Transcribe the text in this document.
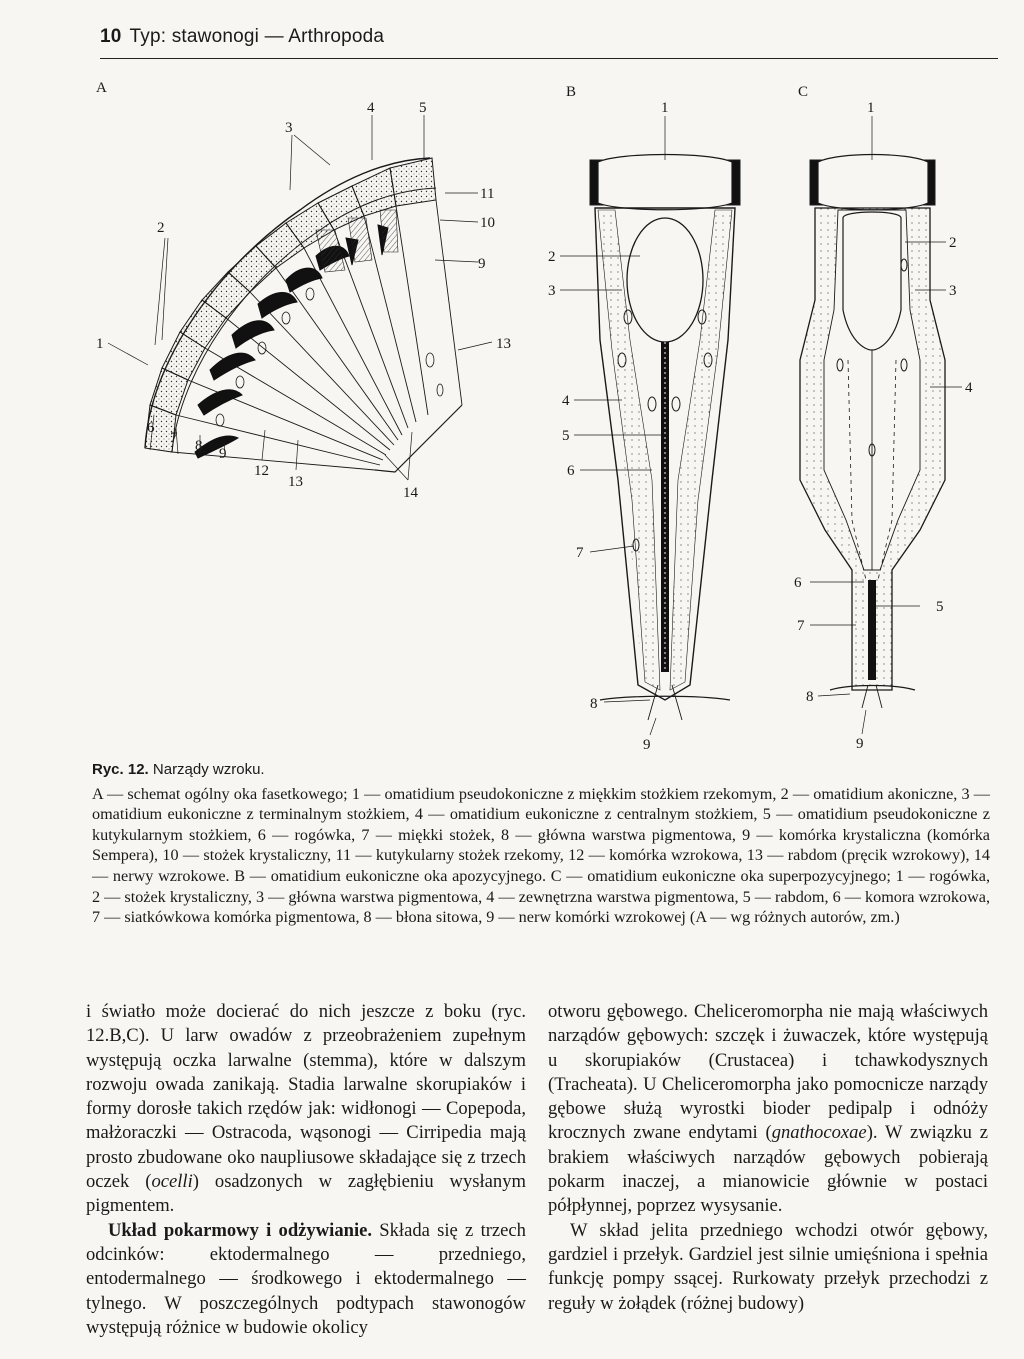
10 Typ: stawonogi — Arthropoda
A
1
2
3
4	5
6
7 8 9
10
11
12
13
13
14
9
B
1
2
3
4
5
6
7
8
9
C
1
2
3
4
5
6
7
8
9
Ryc. 12. Narządy wzroku.
A — schemat ogólny oka fasetkowego; 1 — omatidium pseudokoniczne z miękkim stożkiem rzekomym, 2 — omatidium akoniczne, 3 — omatidium eukoniczne z terminalnym stożkiem, 4 — omatidium eukoniczne z centralnym stożkiem, 5 — omatidium pseudokoniczne z kutykularnym stożkiem, 6 — rogówka, 7 — miękki stożek, 8 — główna warstwa pigmentowa, 9 — komórka krystaliczna (komórka Sempera), 10 — stożek krystaliczny, 11 — kutykularny stożek rzekomy, 12 — komórka wzrokowa, 13 — rabdom (pręcik wzrokowy), 14 — nerwy wzrokowe. B — omatidium eukoniczne oka apozycyjnego. C — omatidium eukoniczne oka superpozycyjnego; 1 — rogówka, 2 — stożek krystaliczny, 3 — główna warstwa pigmentowa, 4 — zewnętrzna warstwa pigmentowa, 5 — rabdom, 6 — komora wzrokowa, 7 — siatkówkowa komórka pigmentowa, 8 — błona sitowa, 9 — nerw komórki wzrokowej (A — wg różnych autorów, zm.)

i światło może docierać do nich jeszcze z boku (ryc. 12.B,C). U larw owadów z przeobrażeniem zupełnym występują oczka larwalne (stemma), które w dalszym rozwoju owada zanikają. Stadia larwalne skorupiaków i formy dorosłe takich rzędów jak: widłonogi — Copepoda, małżoraczki — Ostracoda, wąsonogi — Cirripedia mają prosto zbudowane oko naupliusowe składające się z trzech oczek (ocelli) osadzonych w zagłębieniu wysłanym pigmentem.

Układ pokarmowy i odżywianie. Składa się z trzech odcinków: ektodermalnego — przedniego, entodermalnego — środkowego i ektodermalnego — tylnego. W poszczególnych podtypach stawonogów występują różnice w budowie okolicy

otworu gębowego. Cheliceromorpha nie mają właściwych narządów gębowych: szczęk i żuwaczek, które występują u skorupiaków (Crustacea) i tchawkodysznych (Tracheata). U Cheliceromorpha jako pomocnicze narządy gębowe służą wyrostki bioder pedipalp i odnóży krocznych zwane endytami (gnathocoxae). W związku z brakiem właściwych narządów gębowych pobierają pokarm inaczej, a mianowicie głównie w postaci półpłynnej, poprzez wysysanie.

W skład jelita przedniego wchodzi otwór gębowy, gardziel i przełyk. Gardziel jest silnie umięśniona i spełnia funkcję pompy ssącej. Rurkowaty przełyk przechodzi z reguły w żołądek (różnej budowy)
